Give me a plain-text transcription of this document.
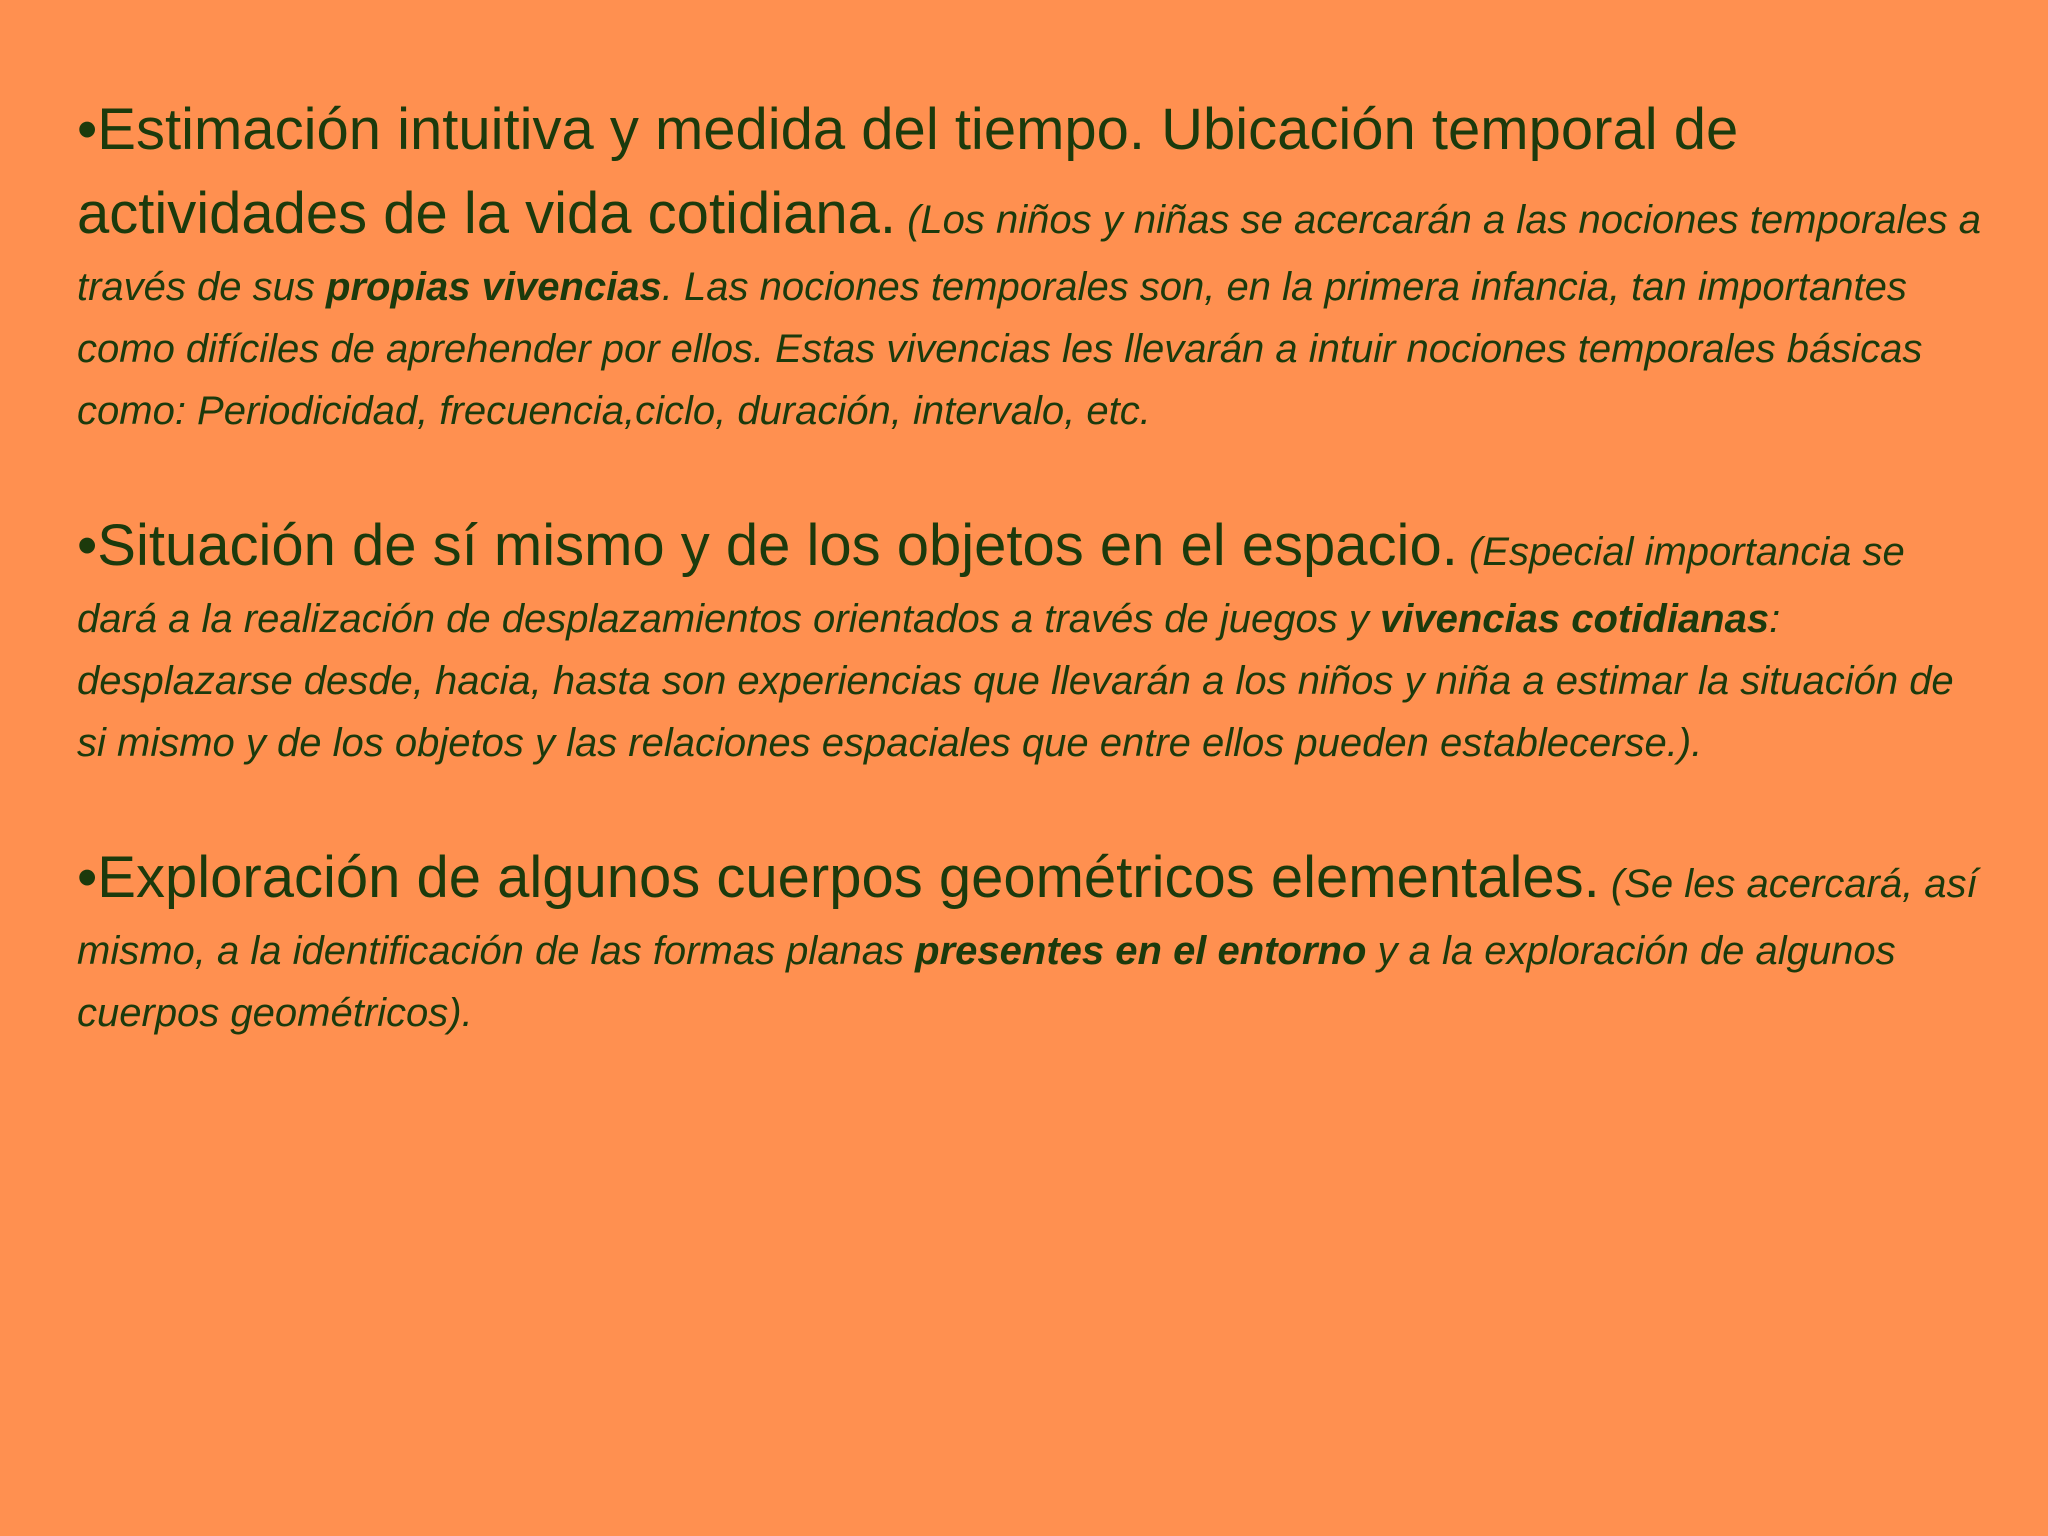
•Estimación intuitiva y medida del tiempo. Ubicación temporal de actividades de la vida cotidiana. (Los niños y niñas se acercarán a las nociones temporales a través de sus propias vivencias. Las nociones temporales son, en la primera infancia, tan importantes como difíciles de aprehender por ellos. Estas vivencias les llevarán a intuir nociones temporales básicas como: Periodicidad, frecuencia,ciclo, duración, intervalo, etc.

•Situación de sí mismo y de los objetos en el espacio. (Especial importancia se dará a la realización de desplazamientos orientados a través de juegos y vivencias cotidianas: desplazarse desde, hacia, hasta son experiencias que llevarán a los niños y niña a estimar la situación de si mismo y de los objetos y las relaciones espaciales que entre ellos pueden establecerse.).

•Exploración de algunos cuerpos geométricos elementales. (Se les acercará, así mismo, a la identificación de las formas planas presentes en el entorno y a la exploración de algunos cuerpos geométricos).
